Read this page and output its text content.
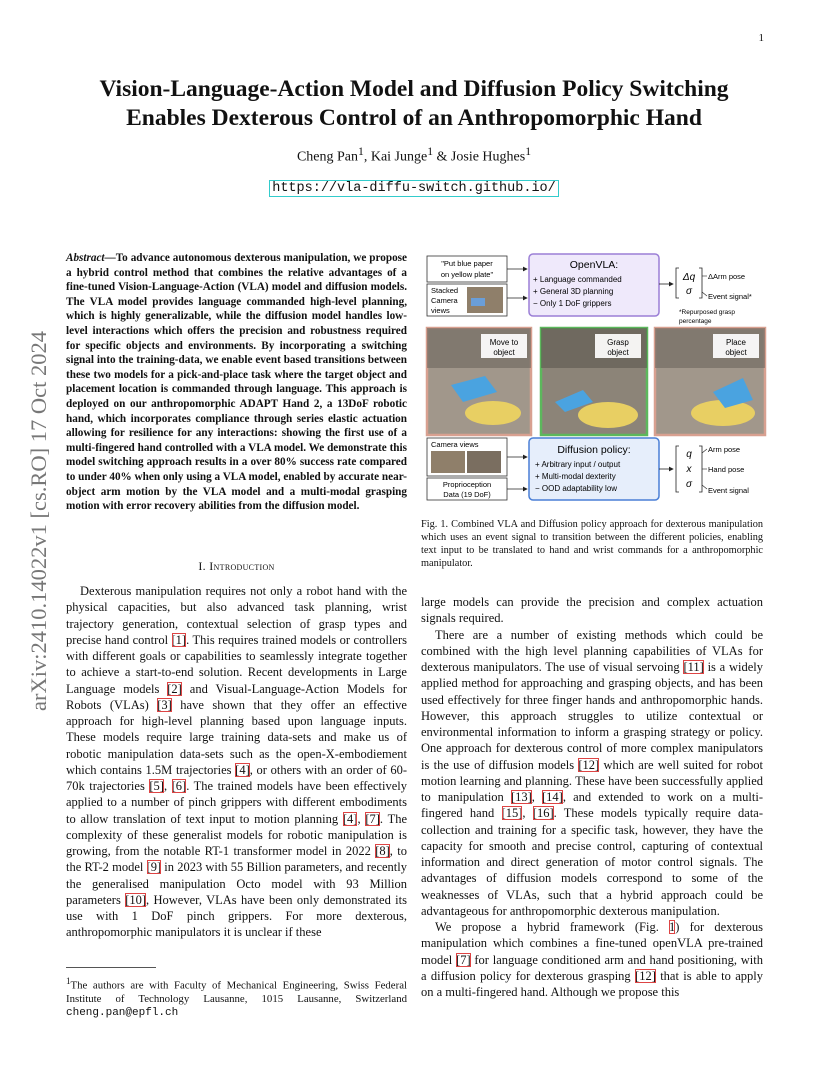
1
Vision-Language-Action Model and Diffusion Policy Switching Enables Dexterous Control of an Anthropomorphic Hand
Cheng Pan$^1$, Kai Junge$^1$ & Josie Hughes$^1$
https://vla-diffu-switch.github.io/
arXiv:2410.14022v1 [cs.RO] 17 Oct 2024
Abstract—To advance autonomous dexterous manipulation, we propose a hybrid control method that combines the relative advantages of a fine-tuned Vision-Language-Action (VLA) model and diffusion models. The VLA model provides language commanded high-level planning, which is highly generalizable, while the diffusion model handles low-level interactions which offers the precision and robustness required for specific objects and environments. By incorporating a switching signal into the training-data, we enable event based transitions between these two models for a pick-and-place task where the target object and placement location is commanded through language. This approach is deployed on our anthropomorphic ADAPT Hand 2, a 13DoF robotic hand, which incorporates compliance through series elastic actuation allowing for resilience for any interactions: showing the first use of a multi-fingered hand controlled with a VLA model. We demonstrate this model switching approach results in a over 80% success rate compared to under 40% when only using a VLA model, enabled by accurate near-object arm motion by the VLA model and a multi-modal grasping motion with error recovery abilities from the diffusion model.
I. Introduction

Dexterous manipulation requires not only a robot hand with the physical capacities, but also advanced task planning, wrist trajectory generation, contextual selection of grasp types and precise hand control [1]. This requires trained models or controllers with different goals or capabilities to seamlessly integrate together to achieve a start-to-end solution. Recent developments in Large Language models [2] and Visual-Language-Action Models for Robots (VLAs) [3] have shown that they offer an effective approach for high-level planning based upon language inputs. These models require large training data-sets and make us of robotic manipulation data-sets such as the open-X-embodiement which contains 1.5M trajectories [4], or others with an order of 60-70k trajectories [5], [6]. The trained models have been effectively applied to a number of pinch grippers with different embodiments to allow translation of text input to motion planning [4], [7]. The complexity of these generalist models for robotic manipulation is growing, from the notable RT-1 transformer model in 2022 [8], to the RT-2 model [9] in 2023 with 55 Billion parameters, and recently the generalised manipulation Octo model with 93 Million parameters [10], However, VLAs have been only demonstrated its use with 1 DoF pinch grippers. For more dexterous, anthropomorphic manipulators it is unclear if these

$^1$The authors are with Faculty of Mechanical Engineering, Swiss Federal Institute of Technology Lausanne, 1015 Lausanne, Switzerland cheng.pan@epfl.ch
"Put blue paper
on yellow plate"
Stacked
Camera
views
OpenVLA:
+ Language commanded
+ General 3D planning
− Only 1 DoF grippers
Δq
σ
ΔArm pose
Event signal*
*Repurposed grasp
percentage
Move to
object
Grasp
object
Place
object
Camera views
Proprioception
Data (19 DoF)
Diffusion policy:
+ Arbitrary input / output
+ Multi-modal dexterity
− OOD adaptability low
q
x
σ
Arm pose
Hand pose
Event signal
Fig. 1. Combined VLA and Diffusion policy approach for dexterous manipulation which uses an event signal to transition between the different policies, enabling text input to be translated to hand and wrist commands for a anthropomorphic manipulator.

large models can provide the precision and complex actuation signals required.

There are a number of existing methods which could be combined with the high level planning capabilities of VLAs for dexterous manipulators. The use of visual servoing [11] is a widely applied method for approaching and grasping objects, and has been used effectively for three finger hands and anthropomorphic hands. However, this approach struggles to utilize contextual or environmental information to inform a grasping strategy or policy. One approach for dexterous control of more complex manipulators is the use of diffusion models [12] which are well suited for robot motion learning and planning. These have been successfully applied to manipulation [13], [14], and extended to work on a multi-fingered hand [15], [16]. These models typically require data-collection and training for a specific task, however, they have the capacity for smooth and precise control, capturing of contextual information and direct generation of motor control signals. The advantages of diffusion models correspond to some of the weaknesses of VLAs, such that a hybrid approach could be advantageous for anthropomorphic dexterous manipulation.

We propose a hybrid framework (Fig. 1) for dexterous manipulation which combines a fine-tuned openVLA pre-trained model [7] for language conditioned arm and hand positioning, with a diffusion policy for dexterous grasping [12] that is able to apply on a multi-fingered hand. Although we propose this
